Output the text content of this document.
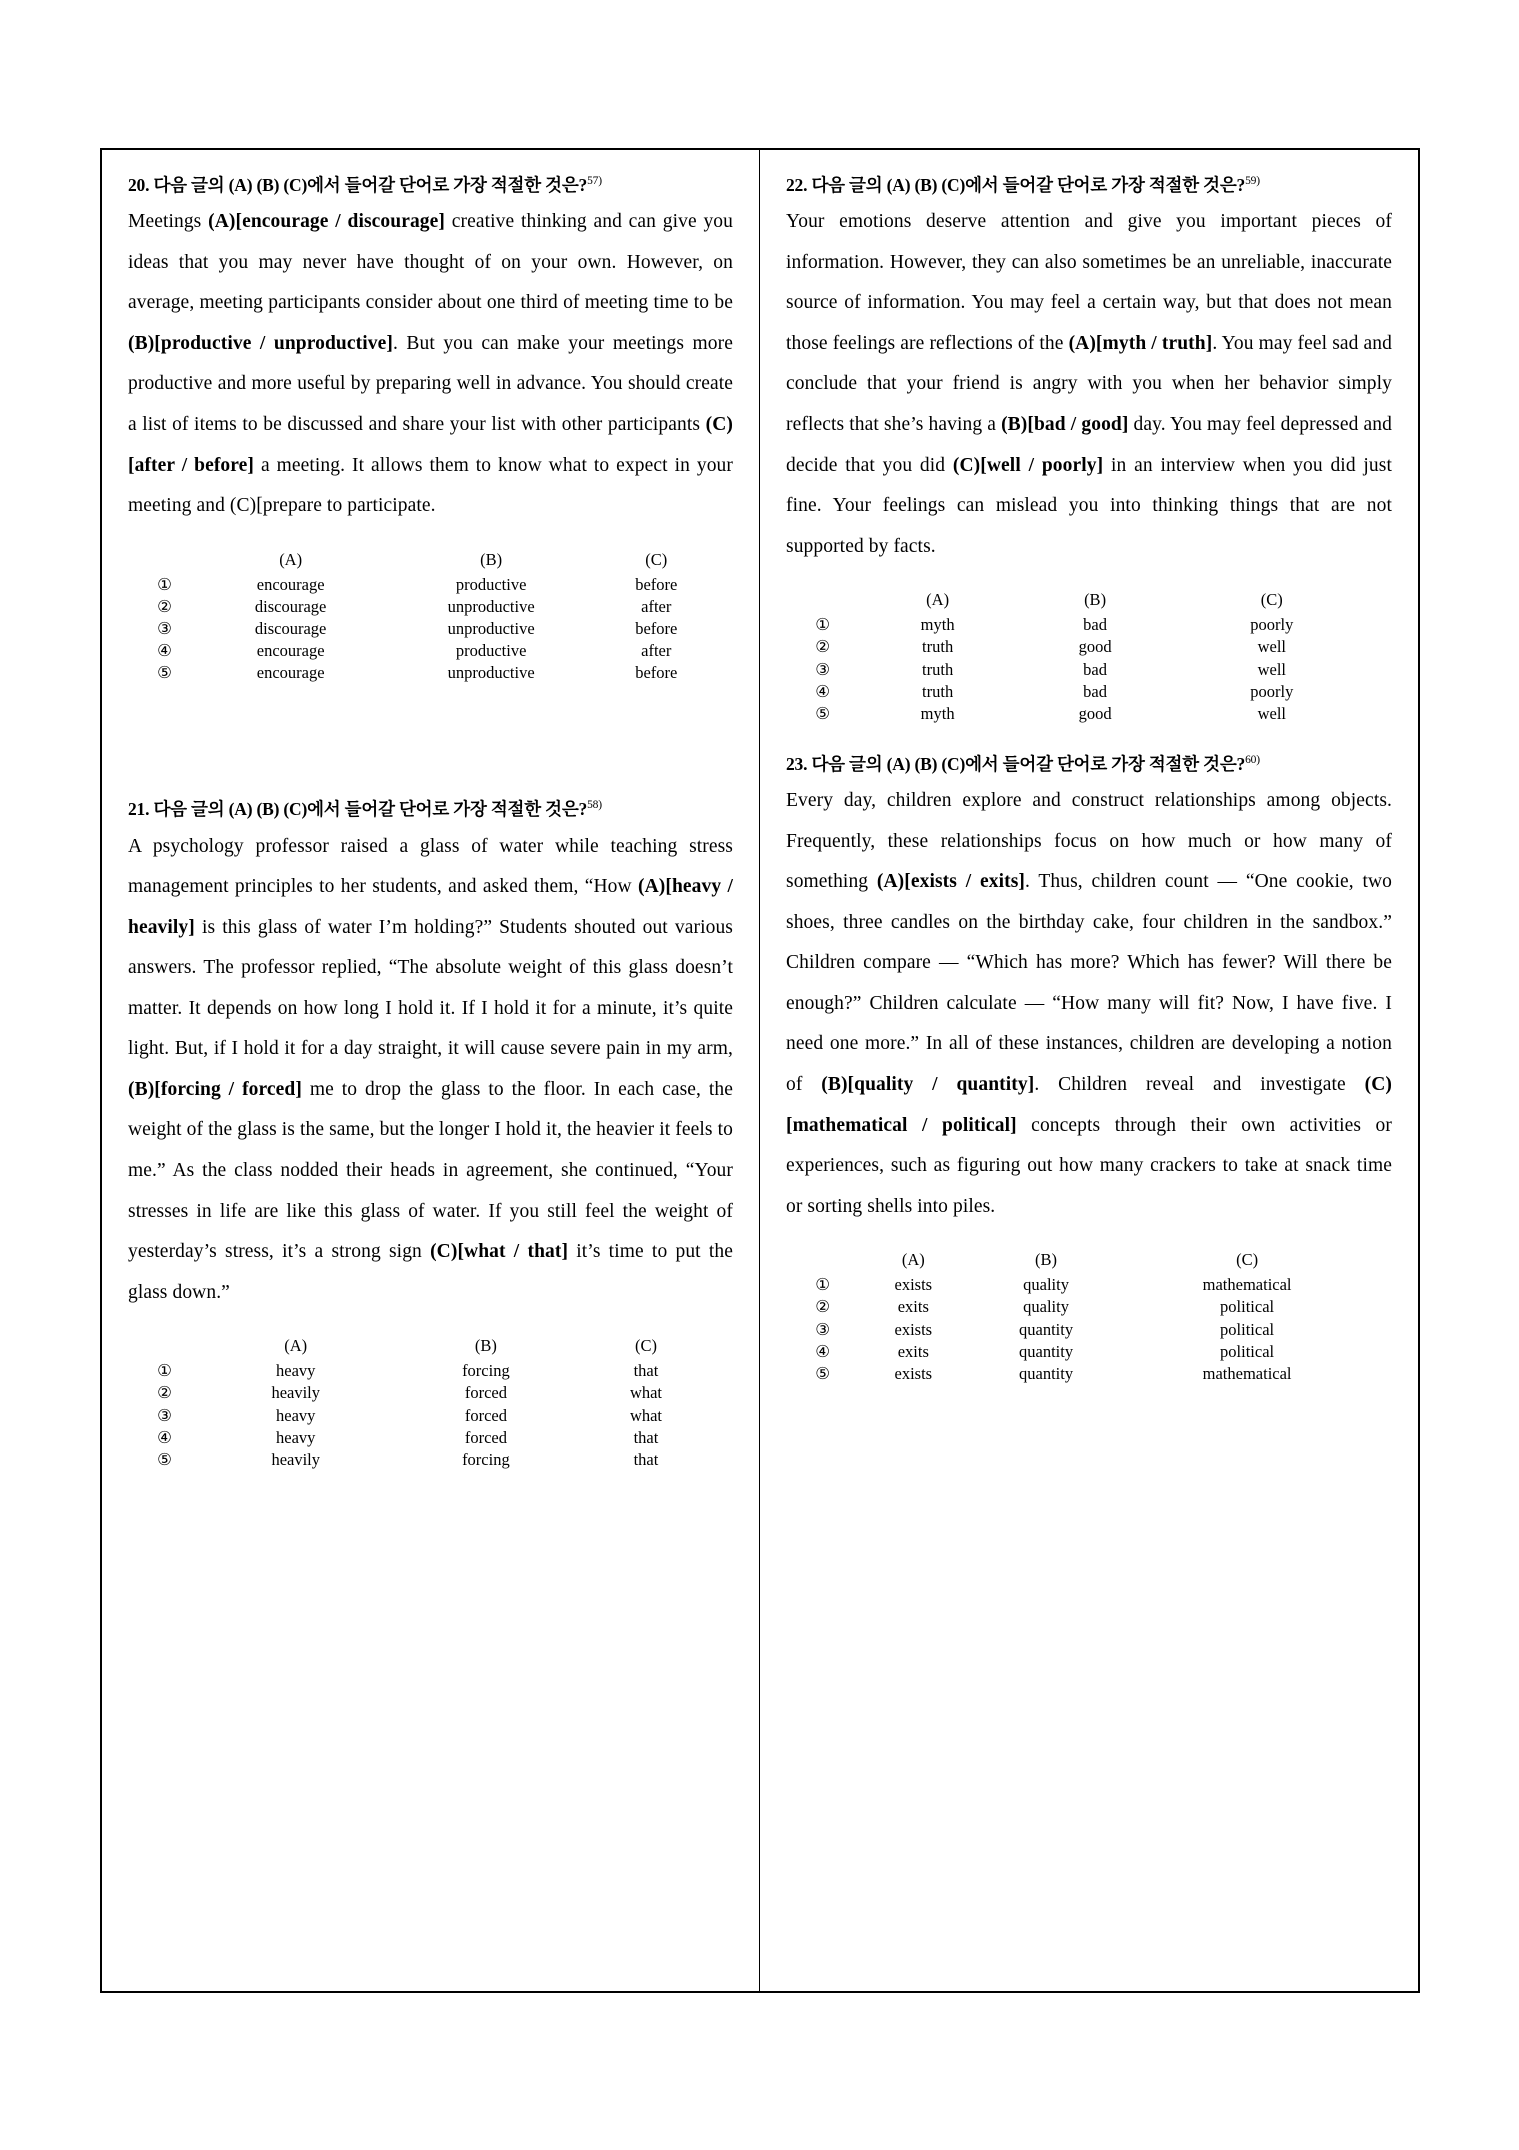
20. 다음 글의 (A) (B) (C)에서 들어갈 단어로 가장 적절한 것은?$^{57)}$
Meetings (A)[encourage / discourage] creative thinking and can give you ideas that you may never have thought of on your own. However, on average, meeting participants consider about one third of meeting time to be (B)[productive / unproductive]. But you can make your meetings more productive and more useful by preparing well in advance. You should create a list of items to be discussed and share your list with other participants (C)[after / before] a meeting. It allows them to know what to expect in your meeting and (C)[prepare to participate.
	(A)	(B)	(C)
①	encourage	productive	before
②	discourage	unproductive	after
③	discourage	unproductive	before
④	encourage	productive	after
⑤	encourage	unproductive	before
21. 다음 글의 (A) (B) (C)에서 들어갈 단어로 가장 적절한 것은?$^{58)}$
A psychology professor raised a glass of water while teaching stress management principles to her students, and asked them, “How (A)[heavy / heavily] is this glass of water I’m holding?” Students shouted out various answers. The professor replied, “The absolute weight of this glass doesn’t matter. It depends on how long I hold it. If I hold it for a minute, it’s quite light. But, if I hold it for a day straight, it will cause severe pain in my arm, (B)[forcing / forced] me to drop the glass to the floor. In each case, the weight of the glass is the same, but the longer I hold it, the heavier it feels to me.” As the class nodded their heads in agreement, she continued, “Your stresses in life are like this glass of water. If you still feel the weight of yesterday’s stress, it’s a strong sign (C)[what / that] it’s time to put the glass down.”
	(A)	(B)	(C)
①	heavy	forcing	that
②	heavily	forced	what
③	heavy	forced	what
④	heavy	forced	that
⑤	heavily	forcing	that
22. 다음 글의 (A) (B) (C)에서 들어갈 단어로 가장 적절한 것은?$^{59)}$
Your emotions deserve attention and give you important pieces of information. However, they can also sometimes be an unreliable, inaccurate source of information. You may feel a certain way, but that does not mean those feelings are reflections of the (A)[myth / truth]. You may feel sad and conclude that your friend is angry with you when her behavior simply reflects that she’s having a (B)[bad / good] day. You may feel depressed and decide that you did (C)[well / poorly] in an interview when you did just fine. Your feelings can mislead you into thinking things that are not supported by facts.
	(A)	(B)	(C)
①	myth	bad	poorly
②	truth	good	well
③	truth	bad	well
④	truth	bad	poorly
⑤	myth	good	well
23. 다음 글의 (A) (B) (C)에서 들어갈 단어로 가장 적절한 것은?$^{60)}$
Every day, children explore and construct relationships among objects. Frequently, these relationships focus on how much or how many of something (A)[exists / exits]. Thus, children count — “One cookie, two shoes, three candles on the birthday cake, four children in the sandbox.” Children compare — “Which has more? Which has fewer? Will there be enough?” Children calculate — “How many will fit? Now, I have five. I need one more.” In all of these instances, children are developing a notion of (B)[quality / quantity]. Children reveal and investigate (C)[mathematical / political] concepts through their own activities or experiences, such as figuring out how many crackers to take at snack time or sorting shells into piles.
	(A)	(B)	(C)
①	exists	quality	mathematical
②	exits	quality	political
③	exists	quantity	political
④	exits	quantity	political
⑤	exists	quantity	mathematical
